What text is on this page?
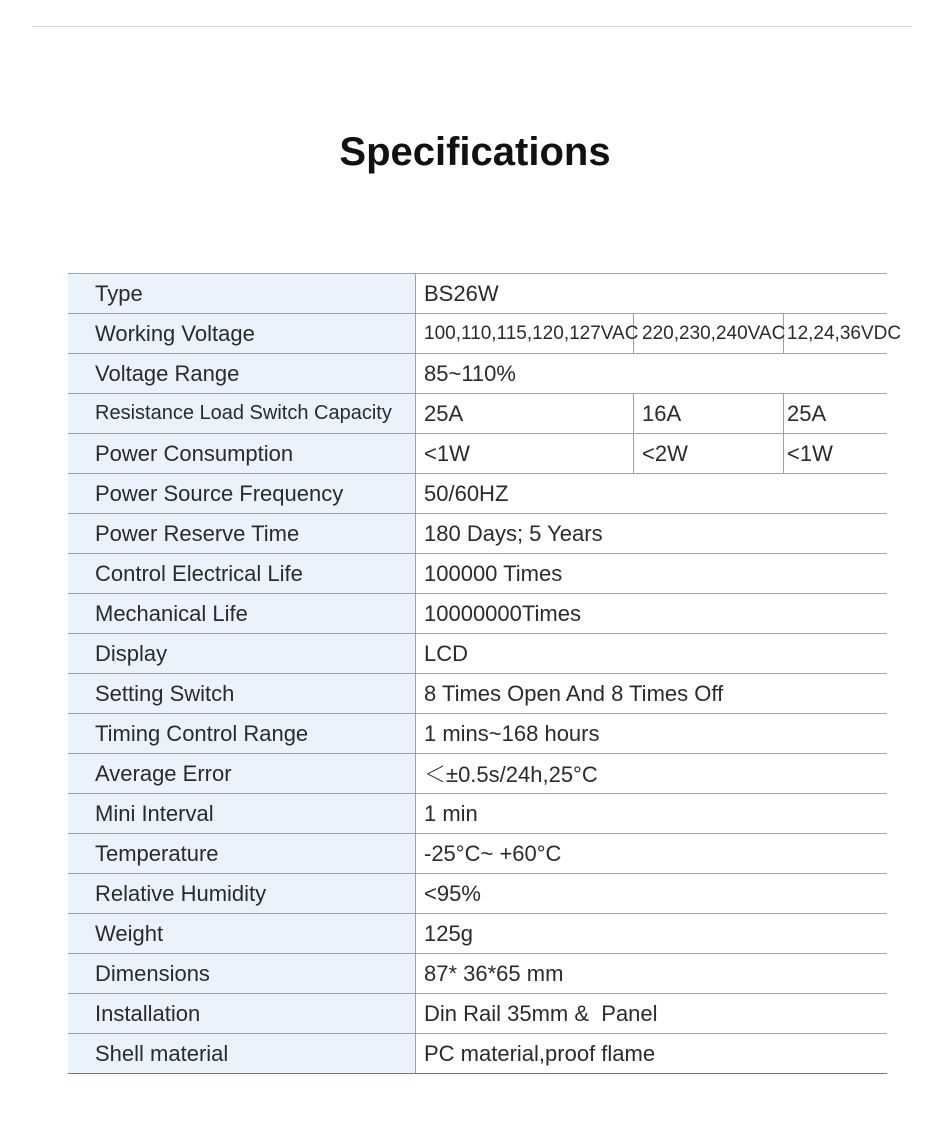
Specifications
Type	BS26W
Working Voltage	100,110,115,120,127VAC 220,230,240VAC 12,24,36VDC
Voltage Range	85~110%
Resistance Load Switch Capacity	25A	16A	25A
Power Consumption	<1W	<2W	<1W
Power Source Frequency	50/60HZ
Power Reserve Time	180 Days; 5 Years
Control Electrical Life	100000 Times
Mechanical Life	10000000Times
Display	LCD
Setting Switch	8 Times Open And 8 Times Off
Timing Control Range	1 mins~168 hours
Average Error	＜±0.5s/24h,25°C
Mini Interval	1 min
Temperature	-25°C~ +60°C
Relative Humidity	<95%
Weight	125g
Dimensions	87* 36*65 mm
Installation	Din Rail 35mm &  Panel
Shell material	PC material,proof flame
